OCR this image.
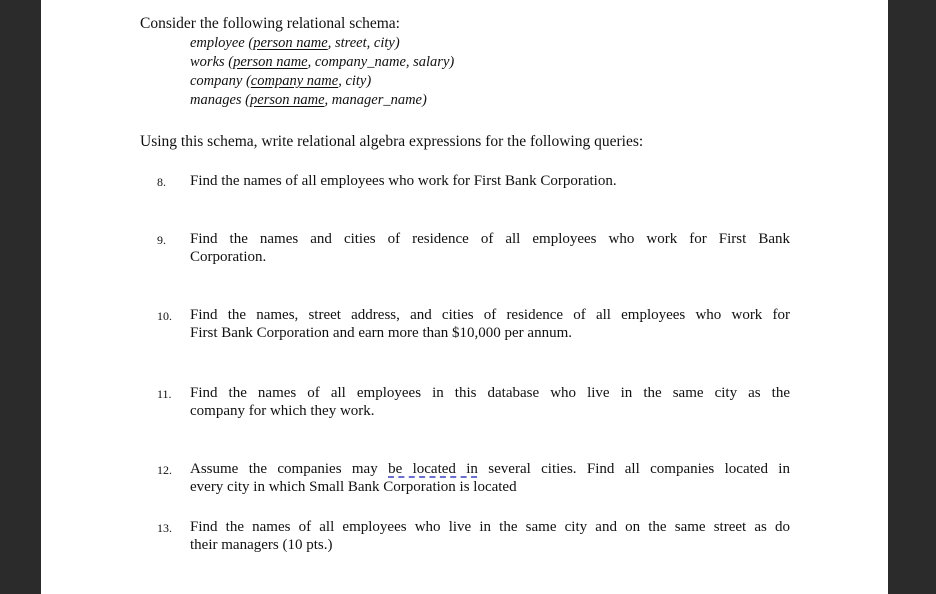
Consider the following relational schema:
employee (person name, street, city)
works (person name, company_name, salary)
company (company name, city)
manages (person name, manager_name)
Using this schema, write relational algebra expressions for the following queries:
8.	Find the names of all employees who work for First Bank Corporation.
9.	Find the names and cities of residence of all employees who work for First Bank
Corporation.
10.	Find the names, street address, and cities of residence of all employees who work for
First Bank Corporation and earn more than $10,000 per annum.
11.	Find the names of all employees in this database who live in the same city as the
company for which they work.
12.	Assume the companies may be located in several cities. Find all companies located in
every city in which Small Bank Corporation is located
13.	Find the names of all employees who live in the same city and on the same street as do
their managers (10 pts.)
